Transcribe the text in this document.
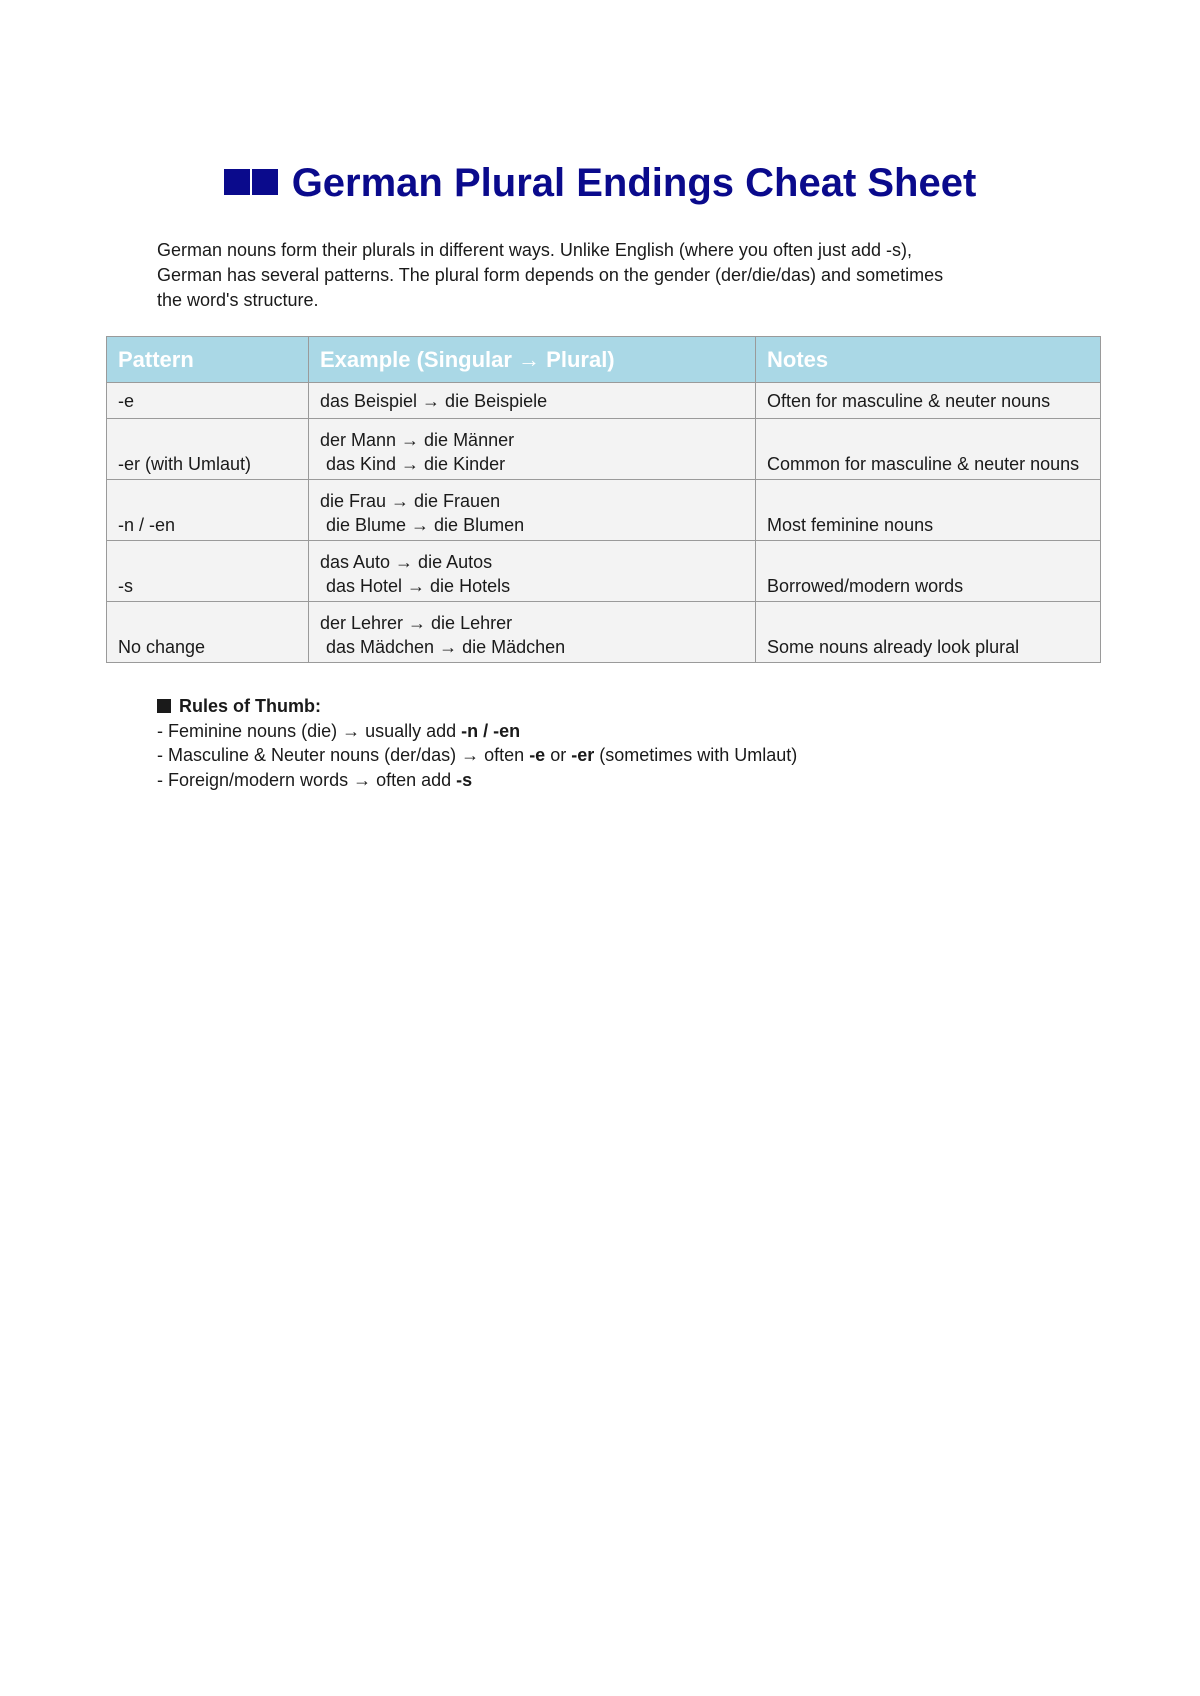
German Plural Endings Cheat Sheet
German nouns form their plurals in different ways. Unlike English (where you often just add -s),
German has several patterns. The plural form depends on the gender (der/die/das) and sometimes
the word's structure.
Pattern	Example (Singular → Plural)	Notes
-e	das Beispiel → die Beispiele	Often for masculine & neuter nouns
-er (with Umlaut)	der Mann → die Männer
das Kind → die Kinder	Common for masculine & neuter nouns
-n / -en	die Frau → die Frauen
die Blume → die Blumen	Most feminine nouns
-s	das Auto → die Autos
das Hotel → die Hotels	Borrowed/modern words
No change	der Lehrer → die Lehrer
das Mädchen → die Mädchen	Some nouns already look plural
Rules of Thumb:
- Feminine nouns (die) → usually add -n / -en
- Masculine & Neuter nouns (der/das) → often -e or -er (sometimes with Umlaut)
- Foreign/modern words → often add -s
